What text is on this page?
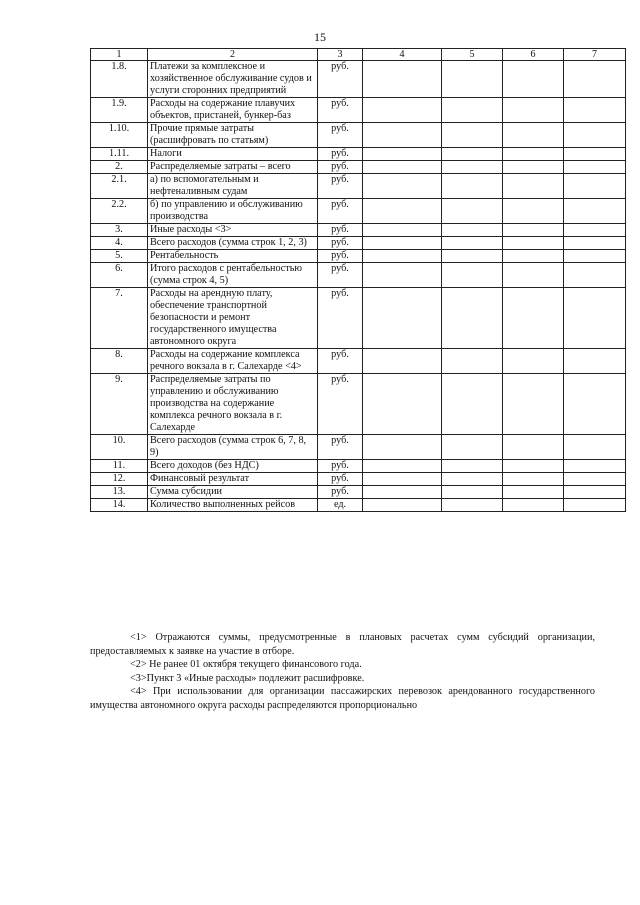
15
1	2	3	4	5	6	7
1.8.	Платежи за комплексное и хозяйственное обслуживание судов и услуги сторонних предприятий	руб.				
1.9.	Расходы на содержание плавучих объектов, пристаней, бункер-баз	руб.				
1.10.	Прочие прямые затраты (расшифровать по статьям)	руб.				
1.11.	Налоги	руб.				
2.	Распределяемые затраты – всего	руб.				
2.1.	а) по вспомогательным и нефтеналивным судам	руб.				
2.2.	б) по управлению и обслуживанию производства	руб.				
3.	Иные расходы <3>	руб.				
4.	Всего расходов (сумма строк 1, 2, 3)	руб.				
5.	Рентабельность	руб.				
6.	Итого расходов с рентабельностью (сумма строк 4, 5)	руб.				
7.	Расходы на арендную плату, обеспечение транспортной безопасности и ремонт государственного имущества автономного округа	руб.				
8.	Расходы на содержание комплекса речного вокзала в г. Салехарде <4>	руб.				
9.	Распределяемые затраты по управлению и обслуживанию производства на содержание комплекса речного вокзала в г. Салехарде	руб.				
10.	Всего расходов (сумма строк 6, 7, 8, 9)	руб.				
11.	Всего доходов (без НДС)	руб.				
12.	Финансовый результат	руб.				
13.	Сумма субсидии	руб.				
14.	Количество выполненных рейсов	ед.				

<1> Отражаются суммы, предусмотренные в плановых расчетах сумм субсидий организации, предоставляемых к заявке на участие в отборе.

<2> Не ранее 01 октября текущего финансового года.

<3>Пункт 3 «Иные расходы» подлежит расшифровке.

<4> При использовании для организации пассажирских перевозок арендованного государственного имущества автономного округа расходы распределяются пропорционально
